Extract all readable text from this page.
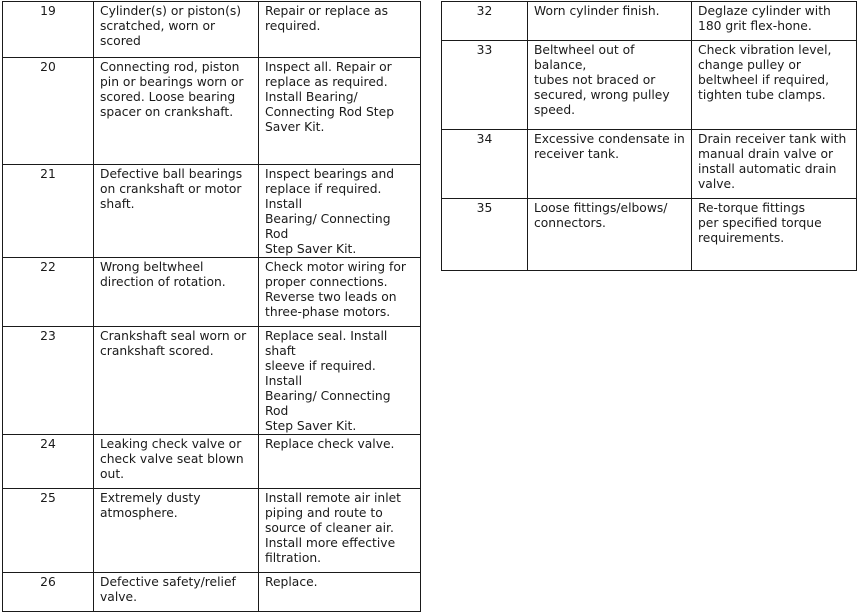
19	Cylinder(s) or piston(s)
scratched, worn or
scored	Repair or replace as
required.
20	Connecting rod, piston
pin or bearings worn or
scored. Loose bearing
spacer on crankshaft.	Inspect all. Repair or
replace as required.
Install Bearing/
Connecting Rod Step
Saver Kit.
21	Defective ball bearings
on crankshaft or motor
shaft.	Inspect bearings and
replace if required. Install
Bearing/ Connecting Rod
Step Saver Kit.
22	Wrong beltwheel
direction of rotation.	Check motor wiring for
proper connections.
Reverse two leads on
three-phase motors.
23	Crankshaft seal worn or
crankshaft scored.	Replace seal. Install shaft
sleeve if required. Install
Bearing/ Connecting Rod
Step Saver Kit.
24	Leaking check valve or
check valve seat blown
out.	Replace check valve.
25	Extremely dusty
atmosphere.	Install remote air inlet
piping and route to
source of cleaner air.
Install more effective
filtration.
26	Defective safety/relief
valve.	Replace.
32	Worn cylinder finish.	Deglaze cylinder with
180 grit flex-hone.
33	Beltwheel out of balance,
tubes not braced or
secured, wrong pulley
speed.	Check vibration level,
change pulley or
beltwheel if required,
tighten tube clamps.
34	Excessive condensate in
receiver tank.	Drain receiver tank with
manual drain valve or
install automatic drain
valve.
35	Loose fittings/elbows/
connectors.	Re-torque fittings
per specified torque
requirements.
